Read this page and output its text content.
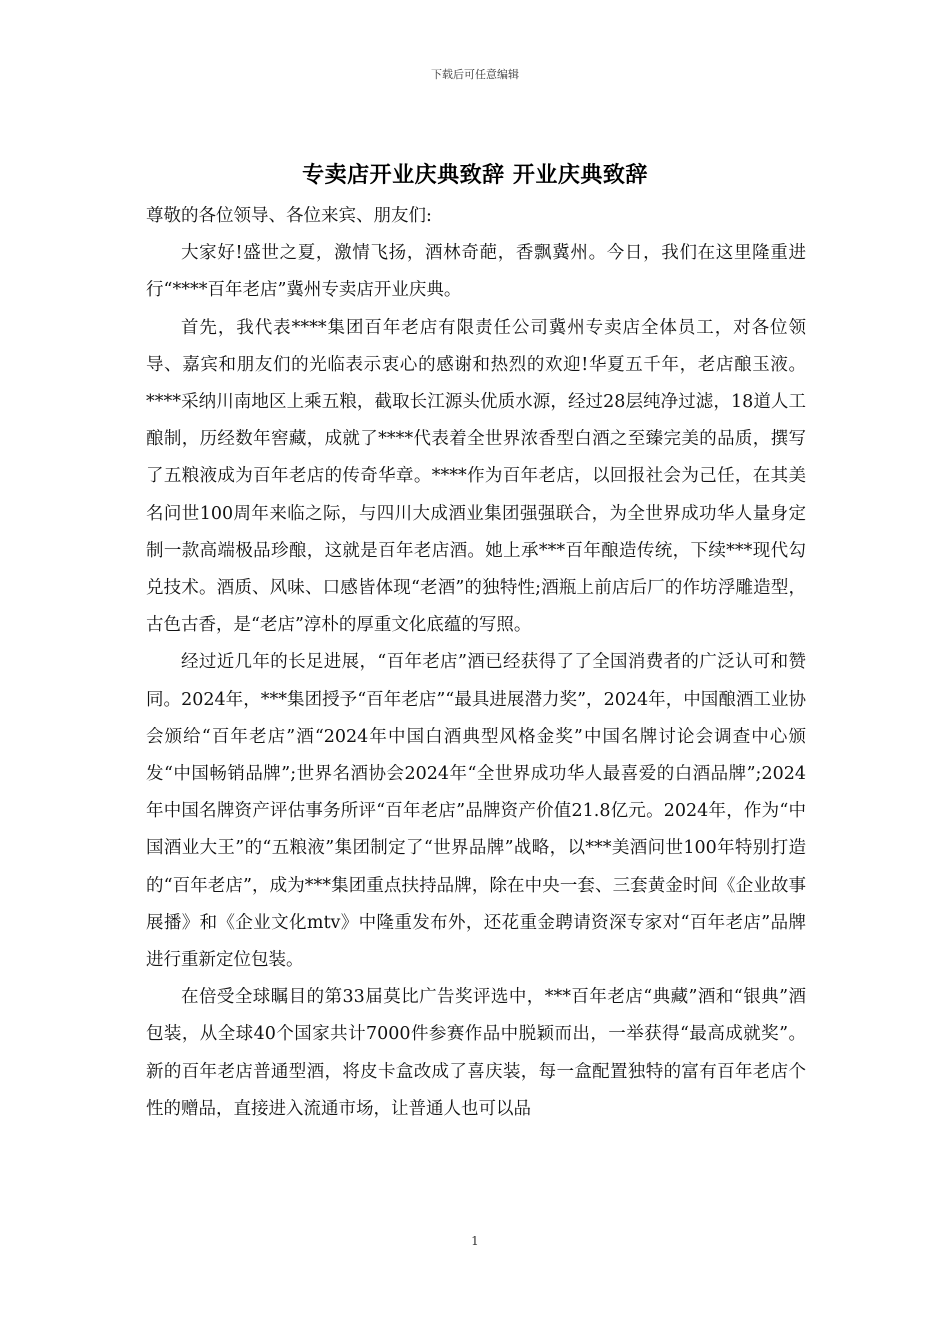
下载后可任意编辑
专卖店开业庆典致辞 开业庆典致辞

尊敬的各位领导、各位来宾、朋友们:

大家好!盛世之夏，激情飞扬，酒林奇葩，香飘冀州。今日，我们在这里隆重进行“****百年老店”冀州专卖店开业庆典。

首先，我代表****集团百年老店有限责任公司冀州专卖店全体员工，对各位领导、嘉宾和朋友们的光临表示衷心的感谢和热烈的欢迎!华夏五千年，老店酿玉液。****采纳川南地区上乘五粮，截取长江源头优质水源，经过28层纯净过滤，18道人工酿制，历经数年窖藏，成就了****代表着全世界浓香型白酒之至臻完美的品质，撰写了五粮液成为百年老店的传奇华章。****作为百年老店，以回报社会为己任，在其美名问世100周年来临之际，与四川大成酒业集团强强联合，为全世界成功华人量身定制一款高端极品珍酿，这就是百年老店酒。她上承***百年酿造传统，下续***现代勾兑技术。酒质、风味、口感皆体现“老酒”的独特性;酒瓶上前店后厂的作坊浮雕造型，古色古香，是“老店”淳朴的厚重文化底蕴的写照。

经过近几年的长足进展，“百年老店”酒已经获得了了全国消费者的广泛认可和赞同。2024年，***集团授予“百年老店”“最具进展潜力奖”，2024年，中国酿酒工业协会颁给“百年老店”酒“2024年中国白酒典型风格金奖”中国名牌讨论会调查中心颁发“中国畅销品牌”;世界名酒协会2024年“全世界成功华人最喜爱的白酒品牌”;2024年中国名牌资产评估事务所评“百年老店”品牌资产价值21.8亿元。2024年，作为“中国酒业大王”的“五粮液”集团制定了“世界品牌”战略，以***美酒问世100年特别打造的“百年老店”，成为***集团重点扶持品牌，除在中央一套、三套黄金时间《企业故事展播》和《企业文化mtv》中隆重发布外，还花重金聘请资深专家对“百年老店”品牌进行重新定位包装。

在倍受全球瞩目的第33届莫比广告奖评选中，***百年老店“典藏”酒和“银典”酒包装，从全球40个国家共计7000件参赛作品中脱颖而出，一举获得“最高成就奖”。新的百年老店普通型酒，将皮卡盒改成了喜庆装，每一盒配置独特的富有百年老店个性的赠品，直接进入流通市场，让普通人也可以品

1
